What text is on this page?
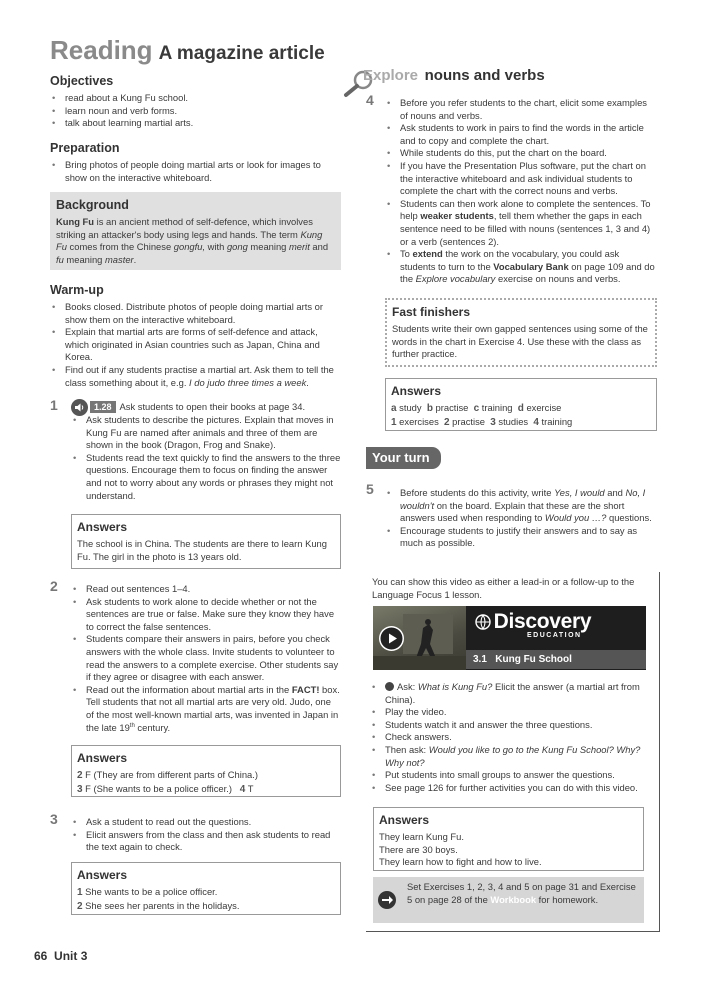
Reading A magazine article
Objectives
• read about a Kung Fu school.
• learn noun and verb forms.
• talk about learning martial arts.
Preparation
• Bring photos of people doing martial arts or look for images to show on the interactive whiteboard.
Background
Kung Fu is an ancient method of self-defence, which involves striking an attacker's body using legs and hands. The term Kung Fu comes from the Chinese gongfu, with gong meaning merit and fu meaning master.
Warm-up
• Books closed. Distribute photos of people doing martial arts or show them on the interactive whiteboard.
• Explain that martial arts are forms of self-defence and attack, which originated in Asian countries such as Japan, China and Korea.
• Find out if any students practise a martial art. Ask them to tell the class something about it, e.g. I do judo three times a week.
1	1.28 Ask students to open their books at page 34.
• Ask students to describe the pictures. Explain that moves in Kung Fu are named after animals and three of them are shown in the book (Dragon, Frog and Snake).
• Students read the text quickly to find the answers to the three questions. Encourage them to focus on finding the answer and not to worry about any words or phrases they might not understand.
Answers
The school is in China. The students are there to learn Kung Fu. The girl in the photo is 13 years old.
2	• Read out sentences 1–4.
• Ask students to work alone to decide whether or not the sentences are true or false. Make sure they know they have to correct the false sentences.
• Students compare their answers in pairs, before you check answers with the whole class. Invite students to volunteer to read the answers to a complete exercise. Other students say if they agree or disagree with each answer.
• Read out the information about martial arts in the FACT! box. Tell students that not all martial arts are very old. Judo, one of the most well-known martial arts, was invented in Japan in the late 19th century.
Answers
2 F (They are from different parts of China.)
3 F (She wants to be a police officer.) 4 T
3	• Ask a student to read out the questions.
• Elicit answers from the class and then ask students to read the text again to check.
Answers
1 She wants to be a police officer.
2 She sees her parents in the holidays.
66 Unit 3
Explore nouns and verbs
4	• Before you refer students to the chart, elicit some examples of nouns and verbs.
• Ask students to work in pairs to find the words in the article and to copy and complete the chart.
• While students do this, put the chart on the board.
• If you have the Presentation Plus software, put the chart on the interactive whiteboard and ask individual students to complete the chart with the correct nouns and verbs.
• Students can then work alone to complete the sentences. To help weaker students, tell them whether the gaps in each sentence need to be filled with nouns (sentences 1, 3 and 4) or a verb (sentences 2).
• To extend the work on the vocabulary, you could ask students to turn to the Vocabulary Bank on page 109 and do the Explore vocabulary exercise on nouns and verbs.
Fast finishers
Students write their own gapped sentences using some of the words in the chart in Exercise 4. Use these with the class as further practice.
Answers
a study b practise c training d exercise
1 exercises 2 practise 3 studies 4 training
Your turn
5	• Before students do this activity, write Yes, I would and No, I wouldn't on the board. Explain that these are the short answers used when responding to Would you …? questions.
• Encourage students to justify their answers and to say as much as possible.
You can show this video as either a lead-in or a follow-up to the Language Focus 1 lesson.
Discovery
EDUCATION
3.1 Kung Fu School
• Ask: What is Kung Fu? Elicit the answer (a martial art from China).
• Play the video.
• Students watch it and answer the three questions.
• Check answers.
• Then ask: Would you like to go to the Kung Fu School? Why? Why not?
• Put students into small groups to answer the questions.
• See page 126 for further activities you can do with this video.
Answers
They learn Kung Fu.
There are 30 boys.
They learn how to fight and how to live.
Set Exercises 1, 2, 3, 4 and 5 on page 31 and Exercise 5 on page 28 of the Workbook for homework.
